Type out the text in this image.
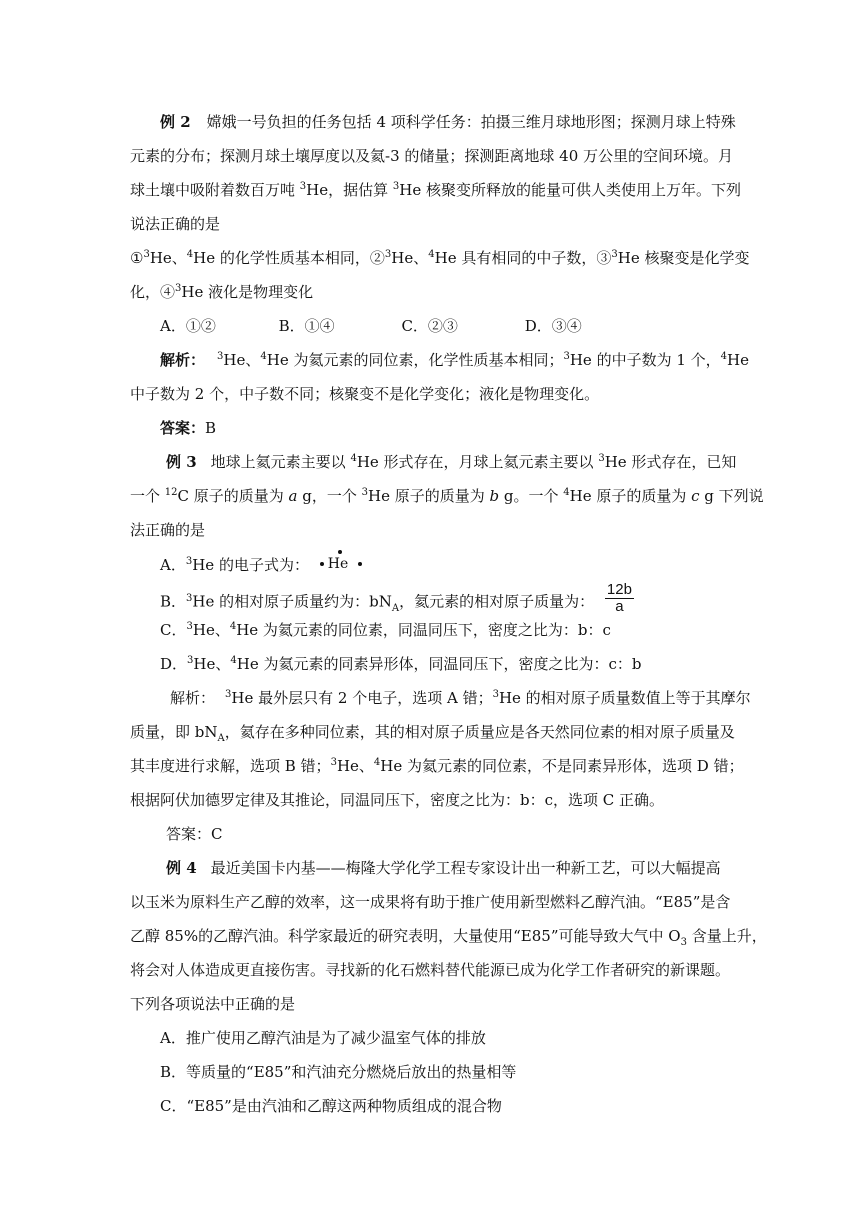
例 2 嫦娥一号负担的任务包括 4 项科学任务：拍摄三维月球地形图；探测月球上特殊
元素的分布；探测月球土壤厚度以及氦-3 的储量；探测距离地球 40 万公里的空间环境。月
球土壤中吸附着数百万吨 $^3$He，据估算 $^3$He 核聚变所释放的能量可供人类使用上万年。下列
说法正确的是
①$^3$He、$^4$He 的化学性质基本相同，②$^3$He、$^4$He 具有相同的中子数，③$^3$He 核聚变是化学变
化，④$^3$He 液化是物理变化
A．①②	B．①④	C．②③	D．③④
解析： $^3$He、$^4$He 为氦元素的同位素，化学性质基本相同；$^3$He 的中子数为 1 个，$^4$He
中子数为 2 个，中子数不同；核聚变不是化学变化；液化是物理变化。
答案：B
例 3 地球上氦元素主要以 $^4$He 形式存在，月球上氦元素主要以 $^3$He 形式存在，已知
一个 $^{12}$C 原子的质量为 a g，一个 $^3$He 原子的质量为 b g。一个 $^4$He 原子的质量为 c g 下列说
法正确的是
A．$^3$He 的电子式为： He
B．$^3$He 的相对原子质量约为：$bN_A$，氦元素的相对原子质量为： $\frac{12b}{a}$
C．$^3$He、$^4$He 为氦元素的同位素，同温同压下，密度之比为：b：c
D．$^3$He、$^4$He 为氦元素的同素异形体，同温同压下，密度之比为：c：b
解析： $^3$He 最外层只有 2 个电子，选项 A 错；$^3$He 的相对原子质量数值上等于其摩尔
质量，即 $bN_A$，氦存在多种同位素，其的相对原子质量应是各天然同位素的相对原子质量及
其丰度进行求解，选项 B 错；$^3$He、$^4$He 为氦元素的同位素，不是同素异形体，选项 D 错；
根据阿伏加德罗定律及其推论，同温同压下，密度之比为：b：c，选项 C 正确。
答案：C
例 4 最近美国卡内基——梅隆大学化学工程专家设计出一种新工艺，可以大幅提高
以玉米为原料生产乙醇的效率，这一成果将有助于推广使用新型燃料乙醇汽油。“E85”是含
乙醇 85%的乙醇汽油。科学家最近的研究表明，大量使用“E85”可能导致大气中 $O_3$ 含量上升，
将会对人体造成更直接伤害。寻找新的化石燃料替代能源已成为化学工作者研究的新课题。
下列各项说法中正确的是
A．推广使用乙醇汽油是为了减少温室气体的排放
B．等质量的“E85”和汽油充分燃烧后放出的热量相等
C．“E85”是由汽油和乙醇这两种物质组成的混合物
